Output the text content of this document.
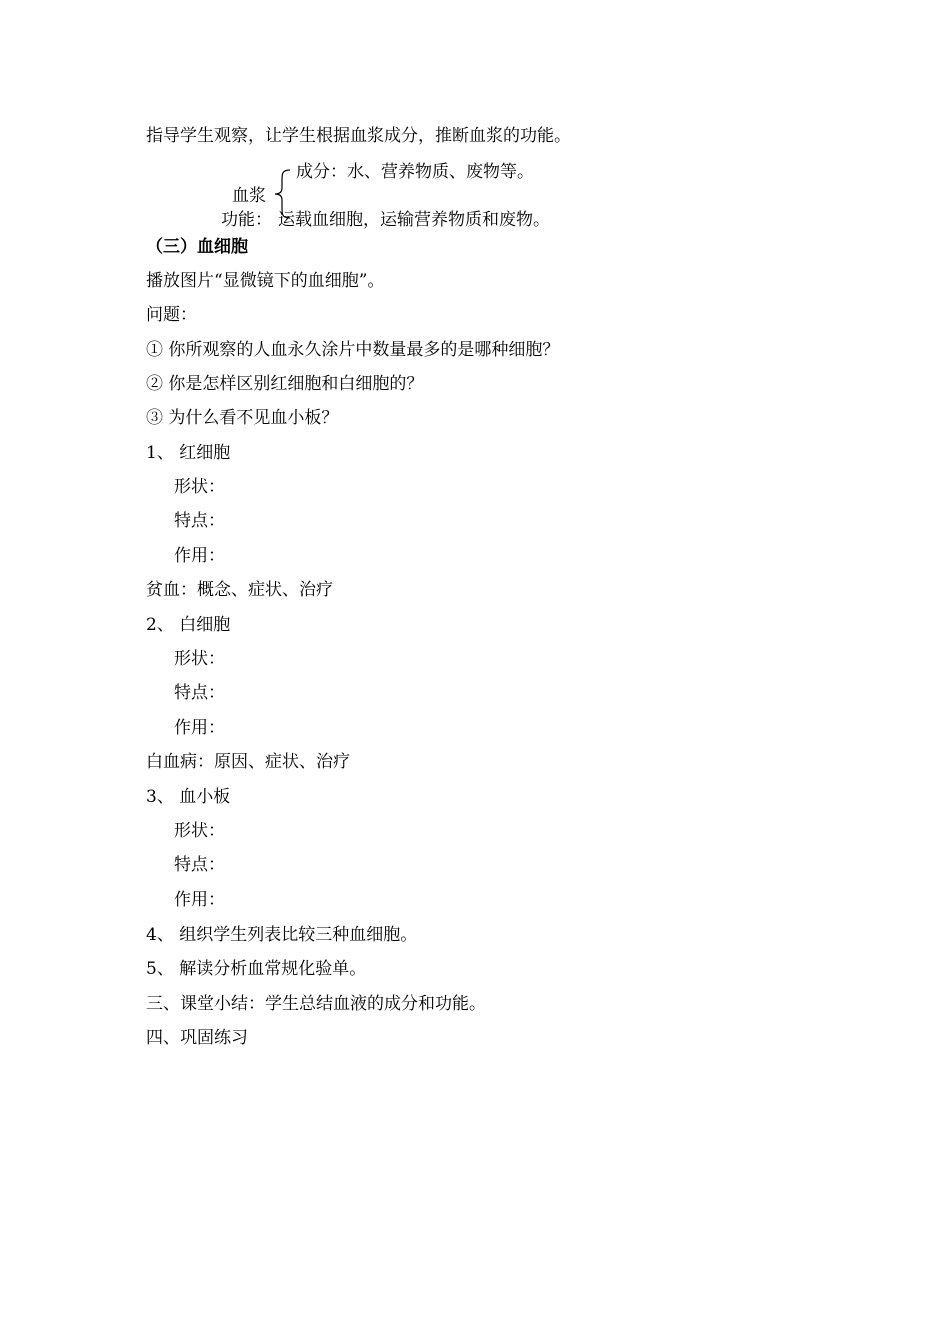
指导学生观察，让学生根据血浆成分，推断血浆的功能。
成分：水、营养物质、废物等。
血浆
功能： 运载血细胞，运输营养物质和废物。
（三）血细胞
播放图片“显微镜下的血细胞”。
问题：
① 你所观察的人血永久涂片中数量最多的是哪种细胞？
② 你是怎样区别红细胞和白细胞的？
③ 为什么看不见血小板？
1、 红细胞
形状：
特点：
作用：
贫血：概念、症状、治疗
2、 白细胞
形状：
特点：
作用：
白血病：原因、症状、治疗
3、 血小板
形状：
特点：
作用：
4、 组织学生列表比较三种血细胞。
5、 解读分析血常规化验单。
三、课堂小结：学生总结血液的成分和功能。
四、巩固练习
